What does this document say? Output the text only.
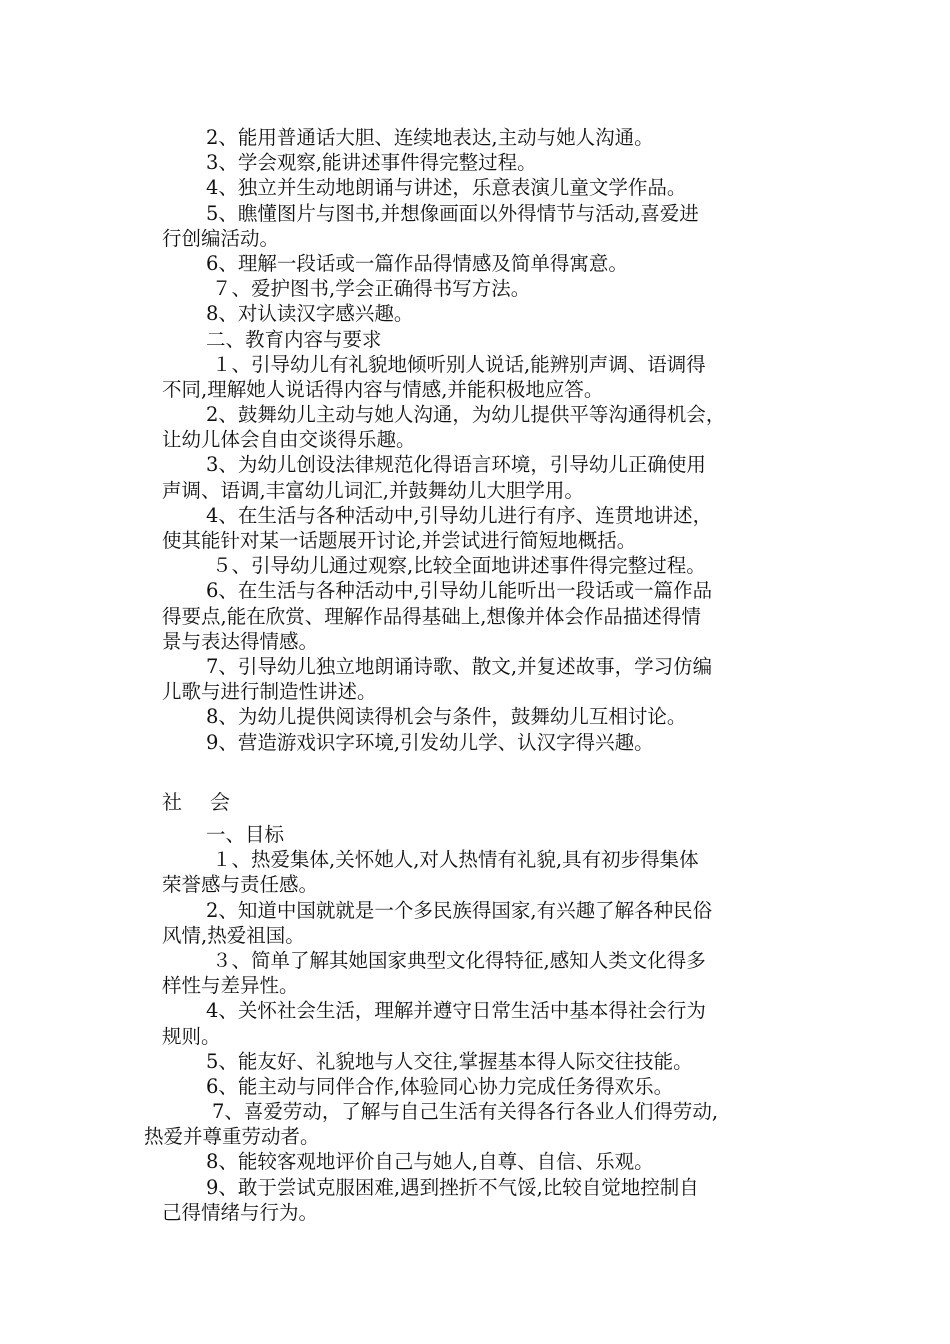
2、能用普通话大胆、连续地表达,主动与她人沟通。
3、学会观察,能讲述事件得完整过程。
4、独立并生动地朗诵与讲述，乐意表演儿童文学作品。
5、瞧懂图片与图书,并想像画面以外得情节与活动,喜爱进
行创编活动。
6、理解一段话或一篇作品得情感及简单得寓意。
７、爱护图书,学会正确得书写方法。
8、对认读汉字感兴趣。
二、教育内容与要求
１、引导幼儿有礼貌地倾听别人说话,能辨别声调、语调得
不同,理解她人说话得内容与情感,并能积极地应答。
2、鼓舞幼儿主动与她人沟通，为幼儿提供平等沟通得机会，
让幼儿体会自由交谈得乐趣。
3、为幼儿创设法律规范化得语言环境，引导幼儿正确使用
声调、语调,丰富幼儿词汇,并鼓舞幼儿大胆学用。
4、在生活与各种活动中,引导幼儿进行有序、连贯地讲述，
使其能针对某一话题展开讨论,并尝试进行简短地概括。
５、引导幼儿通过观察,比较全面地讲述事件得完整过程。
6、在生活与各种活动中,引导幼儿能听出一段话或一篇作品
得要点,能在欣赏、理解作品得基础上,想像并体会作品描述得情
景与表达得情感。
7、引导幼儿独立地朗诵诗歌、散文,并复述故事，学习仿编
儿歌与进行制造性讲述。
8、为幼儿提供阅读得机会与条件，鼓舞幼儿互相讨论。
9、营造游戏识字环境,引发幼儿学、认汉字得兴趣。
社会
一、目标
１、热爱集体,关怀她人,对人热情有礼貌,具有初步得集体
荣誉感与责任感。
2、知道中国就就是一个多民族得国家,有兴趣了解各种民俗
风情,热爱祖国。
３、简单了解其她国家典型文化得特征,感知人类文化得多
样性与差异性。
4、关怀社会生活，理解并遵守日常生活中基本得社会行为
规则。
5、能友好、礼貌地与人交往,掌握基本得人际交往技能。
6、能主动与同伴合作,体验同心协力完成任务得欢乐。
7、喜爱劳动，了解与自己生活有关得各行各业人们得劳动,
热爱并尊重劳动者。
8、能较客观地评价自己与她人,自尊、自信、乐观。
9、敢于尝试克服困难,遇到挫折不气馁,比较自觉地控制自
己得情绪与行为。
